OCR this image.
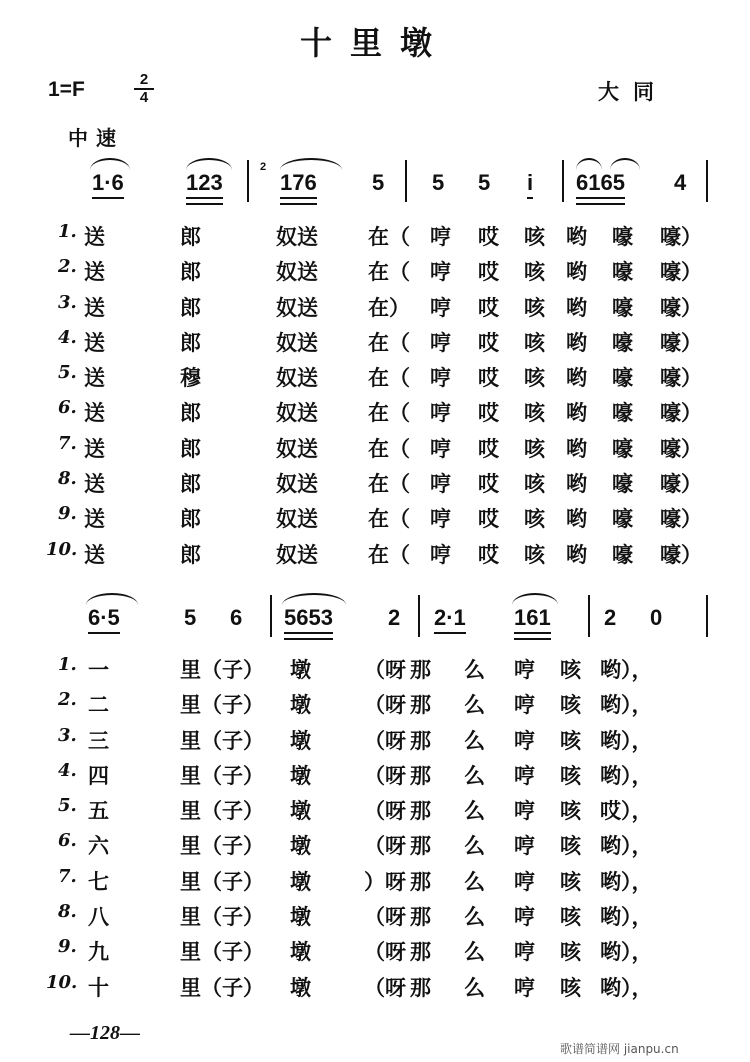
十里墩
1=F	2
4	大同
中速
1·6	123
2
176	5 5 5 i 6165 4
1. 送	郎	奴送 在（ 哼 哎 咳 哟 嚎 嚎）
2. 送	郎	奴送 在（ 哼 哎 咳 哟 嚎 嚎）
3. 送	郎	奴送 在） 哼 哎 咳 哟 嚎 嚎）
4. 送	郎	奴送 在（ 哼 哎 咳 哟 嚎 嚎）
5. 送	穆	奴送 在（ 哼 哎 咳 哟 嚎 嚎）
6. 送	郎	奴送 在（ 哼 哎 咳 哟 嚎 嚎）
7. 送	郎	奴送 在（ 哼 哎 咳 哟 嚎 嚎）
8. 送	郎	奴送 在（ 哼 哎 咳 哟 嚎 嚎）
9. 送	郎	奴送 在（ 哼 哎 咳 哟 嚎 嚎）
10. 送	郎	奴送 在（ 哼 哎 咳 哟 嚎 嚎）
6·5	5 6 5653	2 2·1 161 2 0
1. 一	里（子） 墩	（呀 那 么 哼 咳 哟），
2. 二	里（子） 墩	（呀 那 么 哼 咳 哟），
3. 三	里（子） 墩	（呀 那 么 哼 咳 哟），
4. 四	里（子） 墩	（呀 那 么 哼 咳 哟），
5. 五	里（子） 墩	（呀 那 么 哼 咳 哎），
6. 六	里（子） 墩	（呀 那 么 哼 咳 哟），
7. 七	里（子） 墩	）呀 那 么 哼 咳 哟），
8. 八	里（子） 墩	（呀 那 么 哼 咳 哟），
9. 九	里（子） 墩	（呀 那 么 哼 咳 哟），
10. 十	里（子） 墩	（呀 那 么 哼 咳 哟），
—128—
歌谱简谱网 jianpu.cn
